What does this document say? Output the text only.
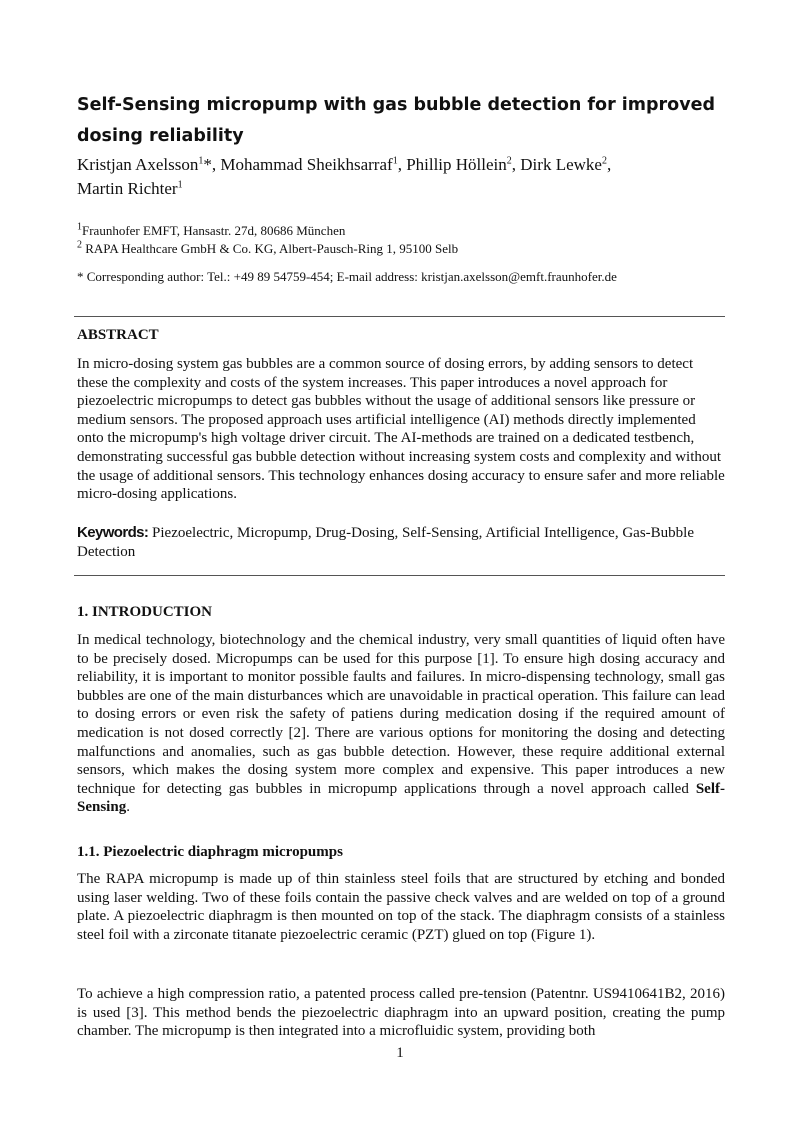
Self-Sensing micropump with gas bubble detection for improved dosing reliability
Kristjan Axelsson$^1$*, Mohammad Sheikhsarraf$^1$, Phillip Höllein$^2$, Dirk Lewke$^2$,
Martin Richter$^1$
$^1$Fraunhofer EMFT, Hansastr. 27d, 80686 München
$^2$ RAPA Healthcare GmbH & Co. KG, Albert-Pausch-Ring 1, 95100 Selb
* Corresponding author: Tel.: +49 89 54759-454; E-mail address: kristjan.axelsson@emft.fraunhofer.de
ABSTRACT

In micro-dosing system gas bubbles are a common source of dosing errors, by adding sensors to detect these the complexity and costs of the system increases. This paper introduces a novel approach for piezoelectric micropumps to detect gas bubbles without the usage of additional sensors like pressure or medium sensors. The proposed approach uses artificial intelligence (AI) methods directly implemented onto the micropump's high voltage driver circuit. The AI-methods are trained on a dedicated testbench, demonstrating successful gas bubble detection without increasing system costs and complexity and without the usage of additional sensors. This technology enhances dosing accuracy to ensure safer and more reliable micro-dosing applications.

Keywords: Piezoelectric, Micropump, Drug-Dosing, Self-Sensing, Artificial Intelligence, Gas-Bubble Detection
1. INTRODUCTION

In medical technology, biotechnology and the chemical industry, very small quantities of liquid often have to be precisely dosed. Micropumps can be used for this purpose [1]. To ensure high dosing accuracy and reliability, it is important to monitor possible faults and failures. In micro-dispensing technology, small gas bubbles are one of the main disturbances which are unavoidable in practical operation. This failure can lead to dosing errors or even risk the safety of patiens during medication dosing if the required amount of medication is not dosed correctly [2]. There are various options for monitoring the dosing and detecting malfunctions and anomalies, such as gas bubble detection. However, these require additional external sensors, which makes the dosing system more complex and expensive. This paper introduces a new technique for detecting gas bubbles in micropump applications through a novel approach called Self-Sensing.

1.1. Piezoelectric diaphragm micropumps

The RAPA micropump is made up of thin stainless steel foils that are structured by etching and bonded using laser welding. Two of these foils contain the passive check valves and are welded on top of a ground plate. A piezoelectric diaphragm is then mounted on top of the stack. The diaphragm consists of a stainless steel foil with a zirconate titanate piezoelectric ceramic (PZT) glued on top (Figure 1).

To achieve a high compression ratio, a patented process called pre-tension (Patentnr. US9410641B2, 2016) is used [3]. This method bends the piezoelectric diaphragm into an upward position, creating the pump chamber. The micropump is then integrated into a microfluidic system, providing both

1
